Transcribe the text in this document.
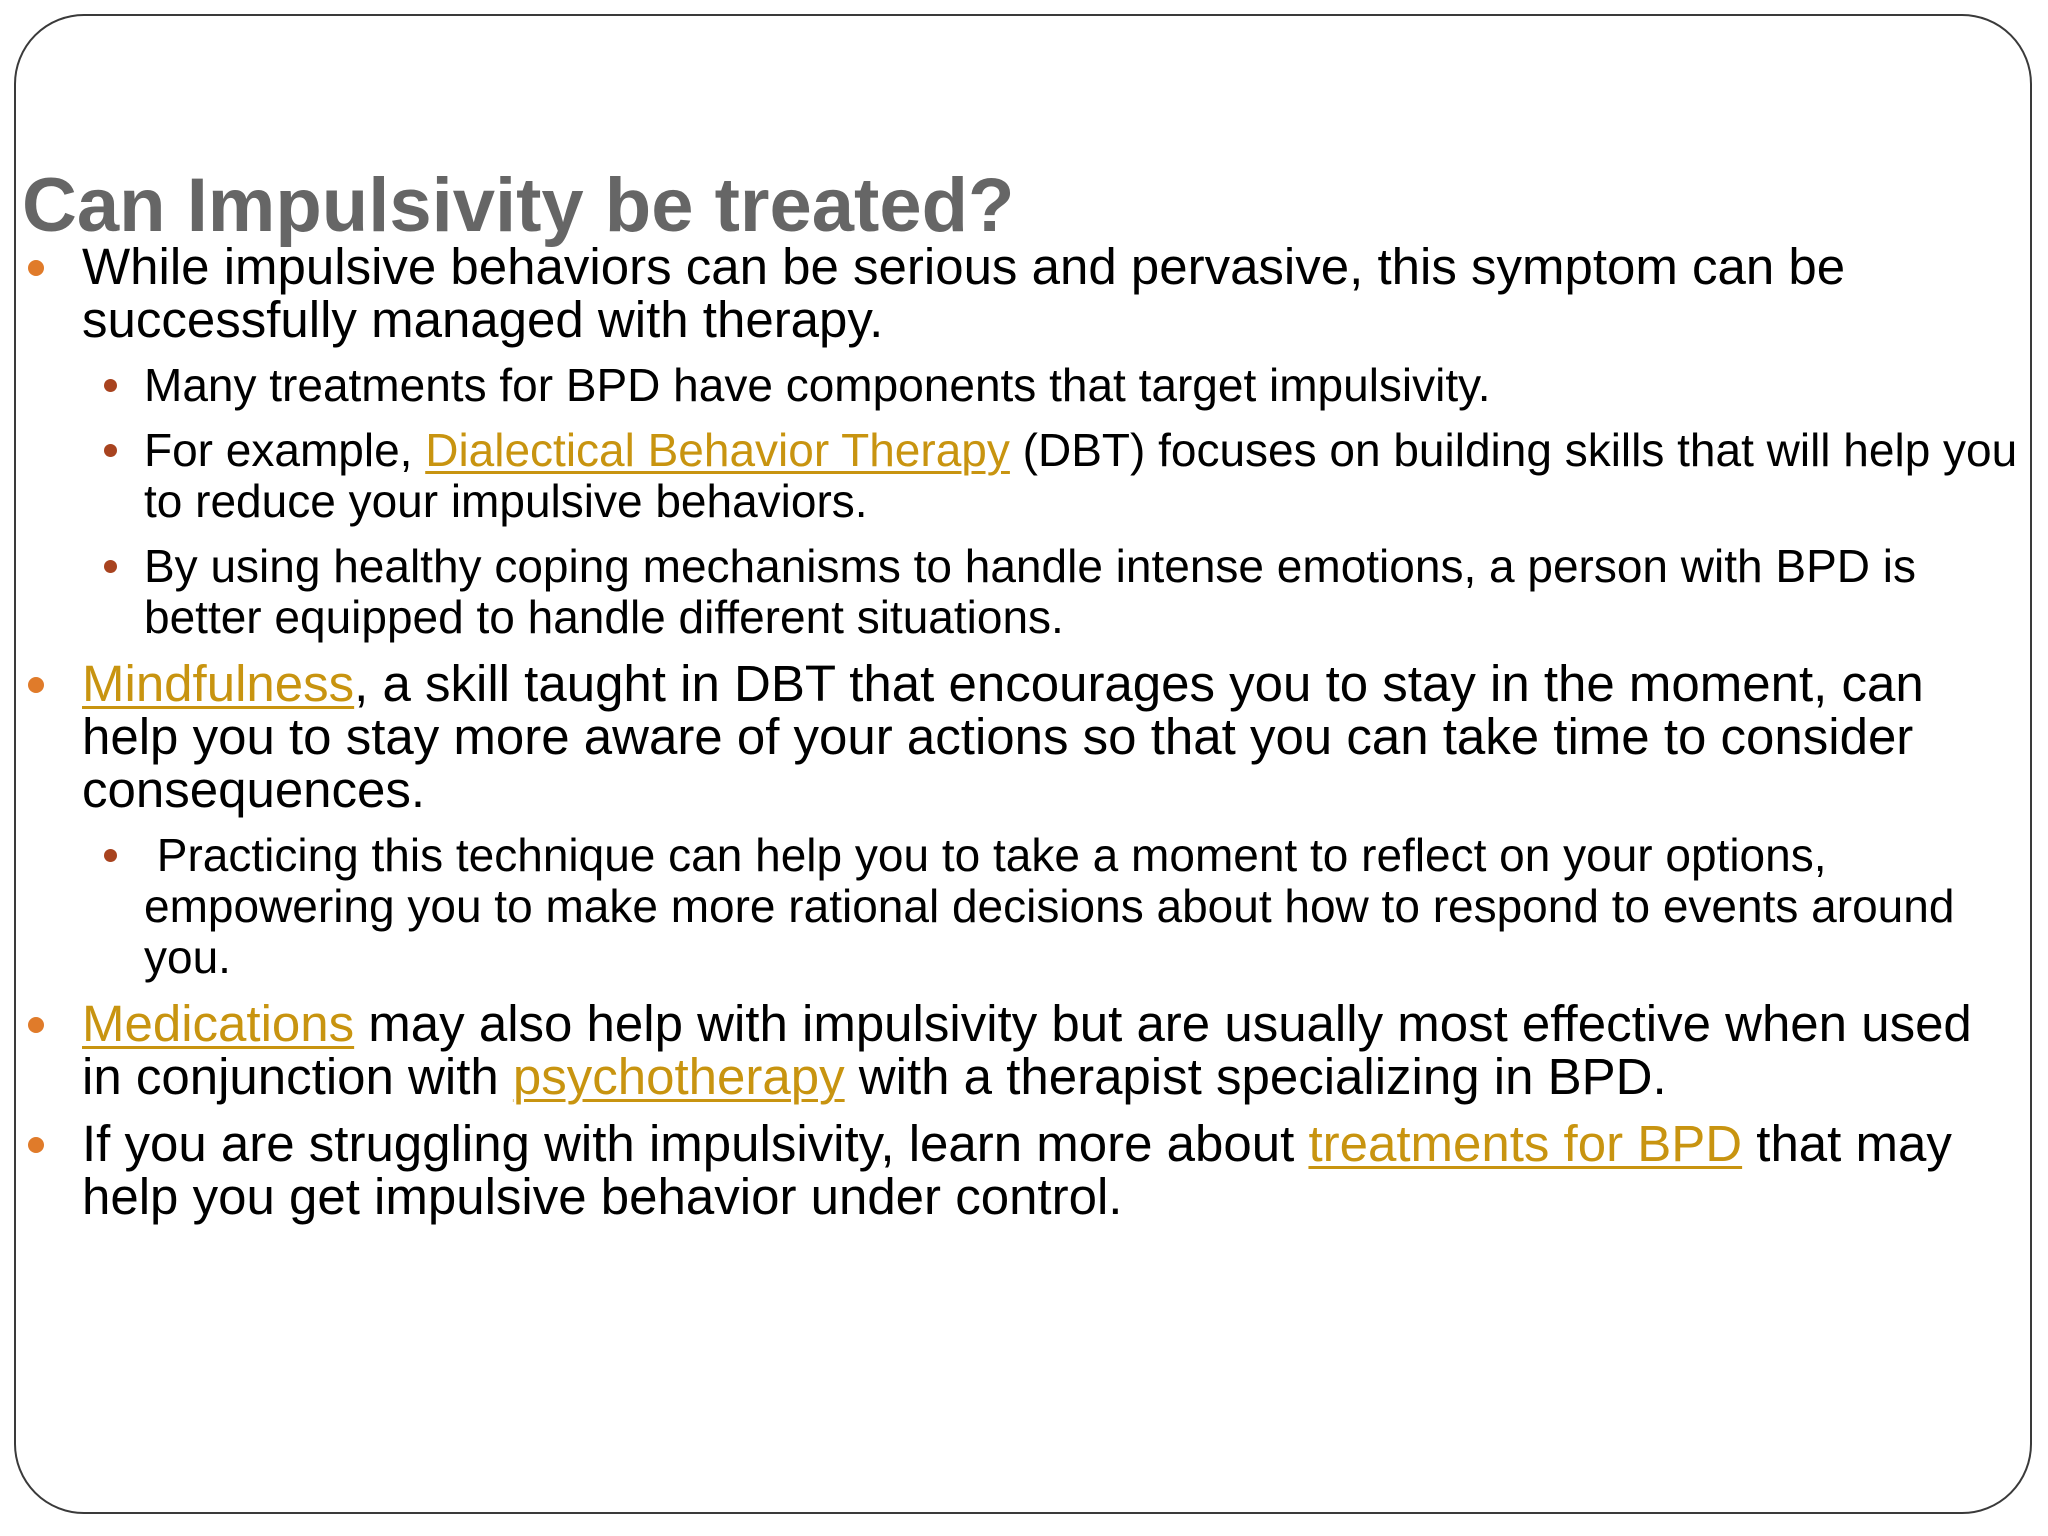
Can Impulsivity be treated?
While impulsive behaviors can be serious and pervasive, this symptom can be successfully managed with therapy.
Many treatments for BPD have components that target impulsivity.
For example, Dialectical Behavior Therapy (DBT) focuses on building skills that will help you to reduce your impulsive behaviors.
By using healthy coping mechanisms to handle intense emotions, a person with BPD is better equipped to handle different situations.
Mindfulness, a skill taught in DBT that encourages you to stay in the moment, can help you to stay more aware of your actions so that you can take time to consider consequences.
Practicing this technique can help you to take a moment to reflect on your options, empowering you to make more rational decisions about how to respond to events around you.
Medications may also help with impulsivity but are usually most effective when used in conjunction with psychotherapy with a therapist specializing in BPD.
If you are struggling with impulsivity, learn more about treatments for BPD that may help you get impulsive behavior under control.
